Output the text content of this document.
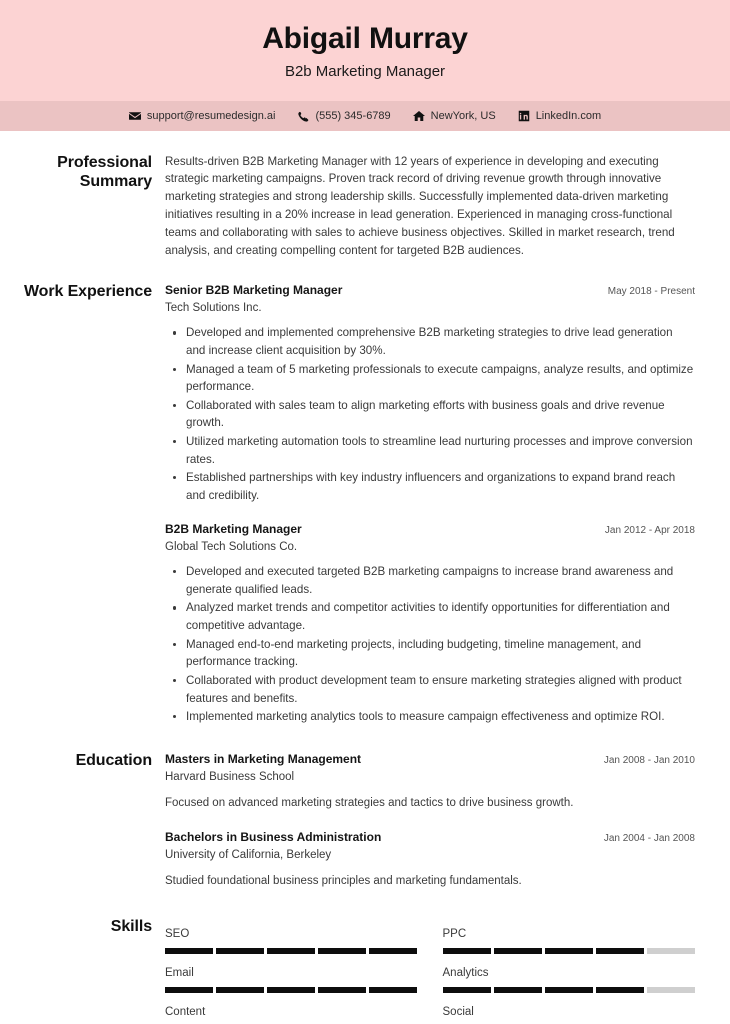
Abigail Murray
B2b Marketing Manager
support@resumedesign.ai	(555) 345-6789	NewYork, US	LinkedIn.com
Professional Summary
Results-driven B2B Marketing Manager with 12 years of experience in developing and executing strategic marketing campaigns. Proven track record of driving revenue growth through innovative marketing strategies and strong leadership skills. Successfully implemented data-driven marketing initiatives resulting in a 20% increase in lead generation. Experienced in managing cross-functional teams and collaborating with sales to achieve business objectives. Skilled in market research, trend analysis, and creating compelling content for targeted B2B audiences.
Work Experience	Senior B2B Marketing Manager	May 2018 - Present
Tech Solutions Inc.
Developed and implemented comprehensive B2B marketing strategies to drive lead generation and increase client acquisition by 30%.
Managed a team of 5 marketing professionals to execute campaigns, analyze results, and optimize performance.
Collaborated with sales team to align marketing efforts with business goals and drive revenue growth.
Utilized marketing automation tools to streamline lead nurturing processes and improve conversion rates.
Established partnerships with key industry influencers and organizations to expand brand reach and credibility.
B2B Marketing Manager	Jan 2012 - Apr 2018
Global Tech Solutions Co.
Developed and executed targeted B2B marketing campaigns to increase brand awareness and generate qualified leads.
Analyzed market trends and competitor activities to identify opportunities for differentiation and competitive advantage.
Managed end-to-end marketing projects, including budgeting, timeline management, and performance tracking.
Collaborated with product development team to ensure marketing strategies aligned with product features and benefits.
Implemented marketing analytics tools to measure campaign effectiveness and optimize ROI.
Education	Masters in Marketing Management	Jan 2008 - Jan 2010
Harvard Business School
Focused on advanced marketing strategies and tactics to drive business growth.
Bachelors in Business Administration	Jan 2004 - Jan 2008
University of California, Berkeley
Studied foundational business principles and marketing fundamentals.
Skills	SEO	PPC
Email	Analytics
Content	Social
